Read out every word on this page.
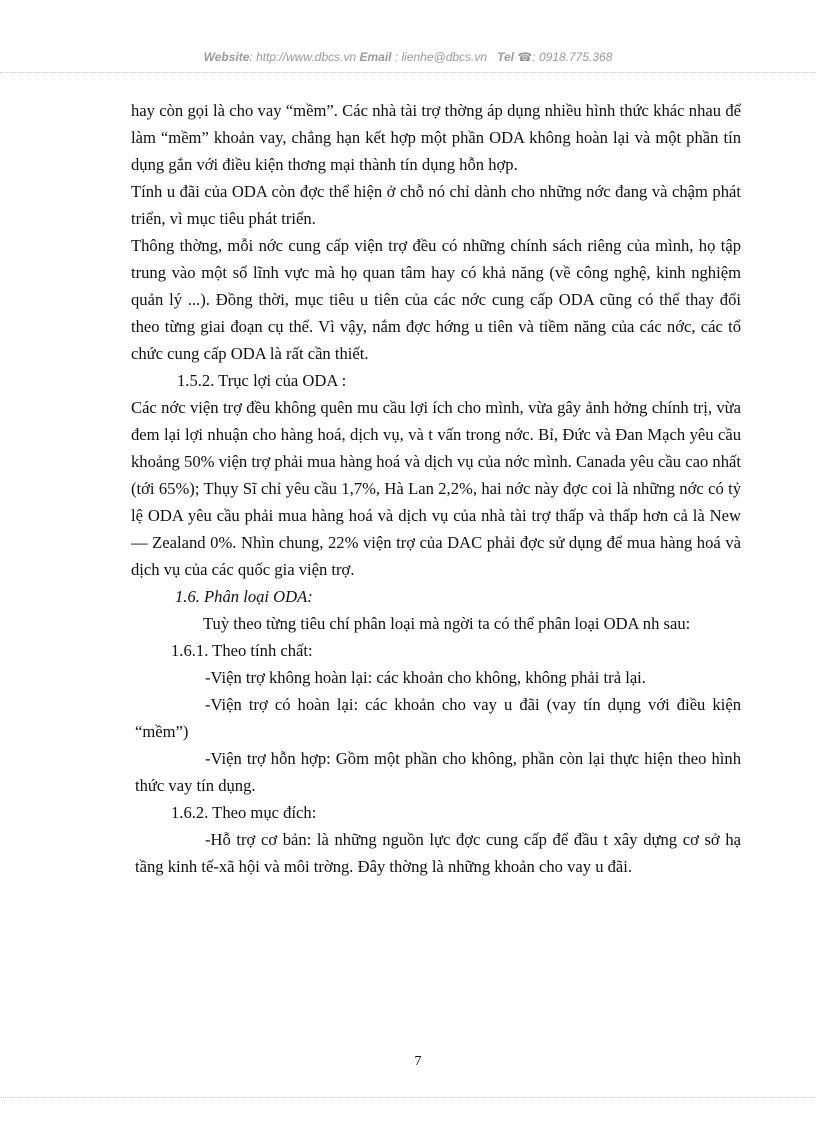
Website: http://www.dbcs.vn Email : lienhe@dbcs.vn Tel ☎: 0918.775.368

hay còn gọi là cho vay “mềm”. Các nhà tài trợ thờng áp dụng nhiều hình thức khác nhau để làm “mềm” khoản vay, chẳng hạn kết hợp một phần ODA không hoàn lại và một phần tín dụng gắn với điều kiện thơng mại thành tín dụng hỗn hợp.

Tính u đãi của ODA còn đợc thể hiện ở chỗ nó chỉ dành cho những nớc đang và chậm phát triển, vì mục tiêu phát triển.

Thông thờng, mỗi nớc cung cấp viện trợ đều có những chính sách riêng của mình, họ tập trung vào một số lĩnh vực mà họ quan tâm hay có khả năng (về công nghệ, kinh nghiệm quản lý ...). Đồng thời, mục tiêu u tiên của các nớc cung cấp ODA cũng có thể thay đổi theo từng giai đoạn cụ thể. Vì vậy, nắm đợc hớng u tiên và tiềm năng của các nớc, các tổ chức cung cấp ODA là rất cần thiết.

1.5.2. Trục lợi của ODA :

Các nớc viện trợ đều không quên mu cầu lợi ích cho mình, vừa gây ảnh hởng chính trị, vừa đem lại lợi nhuận cho hàng hoá, dịch vụ, và t vấn trong nớc. Bỉ, Đức và Đan Mạch yêu cầu khoảng 50% viện trợ phải mua hàng hoá và dịch vụ của nớc mình. Canada yêu cầu cao nhất (tới 65%); Thụy Sĩ chỉ yêu cầu 1,7%, Hà Lan 2,2%, hai nớc này đợc coi là những nớc có tỷ lệ ODA yêu cầu phải mua hàng hoá và dịch vụ của nhà tài trợ thấp và thấp hơn cả là New — Zealand 0%. Nhìn chung, 22% viện trợ của DAC phải đợc sử dụng để mua hàng hoá và dịch vụ của các quốc gia viện trợ.

1.6. Phân loại ODA:

Tuỳ theo từng tiêu chí phân loại mà ngời ta có thể phân loại ODA nh sau:

1.6.1. Theo tính chất:

-Viện trợ không hoàn lại: các khoản cho không, không phải trả lại.

-Viện trợ có hoàn lại: các khoản cho vay u đãi (vay tín dụng với điều kiện “mềm”)

-Viện trợ hỗn hợp: Gồm một phần cho không, phần còn lại thực hiện theo hình thức vay tín dụng.

1.6.2. Theo mục đích:

-Hỗ trợ cơ bản: là những nguồn lực đợc cung cấp để đầu t xây dựng cơ sở hạ tầng kinh tế-xã hội và môi trờng. Đây thờng là những khoản cho vay u đãi.

7
